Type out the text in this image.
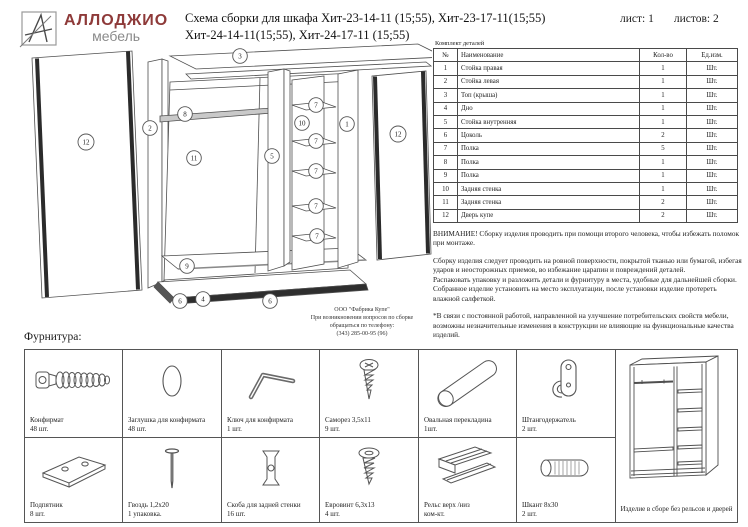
АЛЛОДЖИО
мебель
Схема сборки для шкафа Хит-23-14-11 (15;55), Хит-23-17-11(15;55)
Хит-24-14-11(15;55), Хит-24-17-11 (15;55)
лист: 1 листов: 2
3
8
2
12
11	5
10
7
7
7
7
7
1
12
9
6	4	6
ООО "Фабрика Купе"
При возникновении вопросов по сборке
обращаться по телефону:
(343) 285-00-95 (96)
Комплект деталей
№	Наименование	Кол-во	Ед.изм.
1	Стойка правая	1	Шт.
2	Стойка левая	1	Шт.
3	Топ (крыша)	1	Шт.
4	Дно	1	Шт.
5	Стойка внутренняя	1	Шт.
6	Цоколь	2	Шт.
7	Полка	5	Шт.
8	Полка	1	Шт.
9	Полка	1	Шт.
10	Задняя стенка	1	Шт.
11	Задняя стенка	2	Шт.
12	Дверь купе	2	Шт.

ВНИМАНИЕ! Сборку изделия проводить при помощи второго человека, чтобы избежать поломок при монтаже.

Сборку изделия следует проводить на ровной поверхности, покрытой тканью или бумагой, избегая ударов и неосторожных приемов, во избежание царапин и повреждений деталей.

Распаковать упаковку и разложить детали и фурнитуру в места, удобные для дальнейшей сборки.

Собранное изделие установить на место эксплуатации, после установки изделие протереть влажной салфеткой.

*В связи с постоянной работой, направленной на улучшение потребительских свойств мебели, возможны незначительные изменения в конструкции не влияющие на функциональные качества изделий.

Фурнитура:
Конфирмат
48 шт.
Заглушка для конфирмата
48 шт.
Ключ для конфирмата
1 шт.
Саморез 3,5х11
9 шт.
Овальная перекладина
1шт.
Штангодержатель
2 шт.
Подпятник
8 шт.
Гвоздь 1,2х20
1 упаковка.
Скоба для задней стенки
16 шт.
Евровинт 6,3х13
4 шт.
Рельс верх /низ
ком-кт.
Шкант 8х30
2 шт.
Изделие в сборе без рельсов и дверей
